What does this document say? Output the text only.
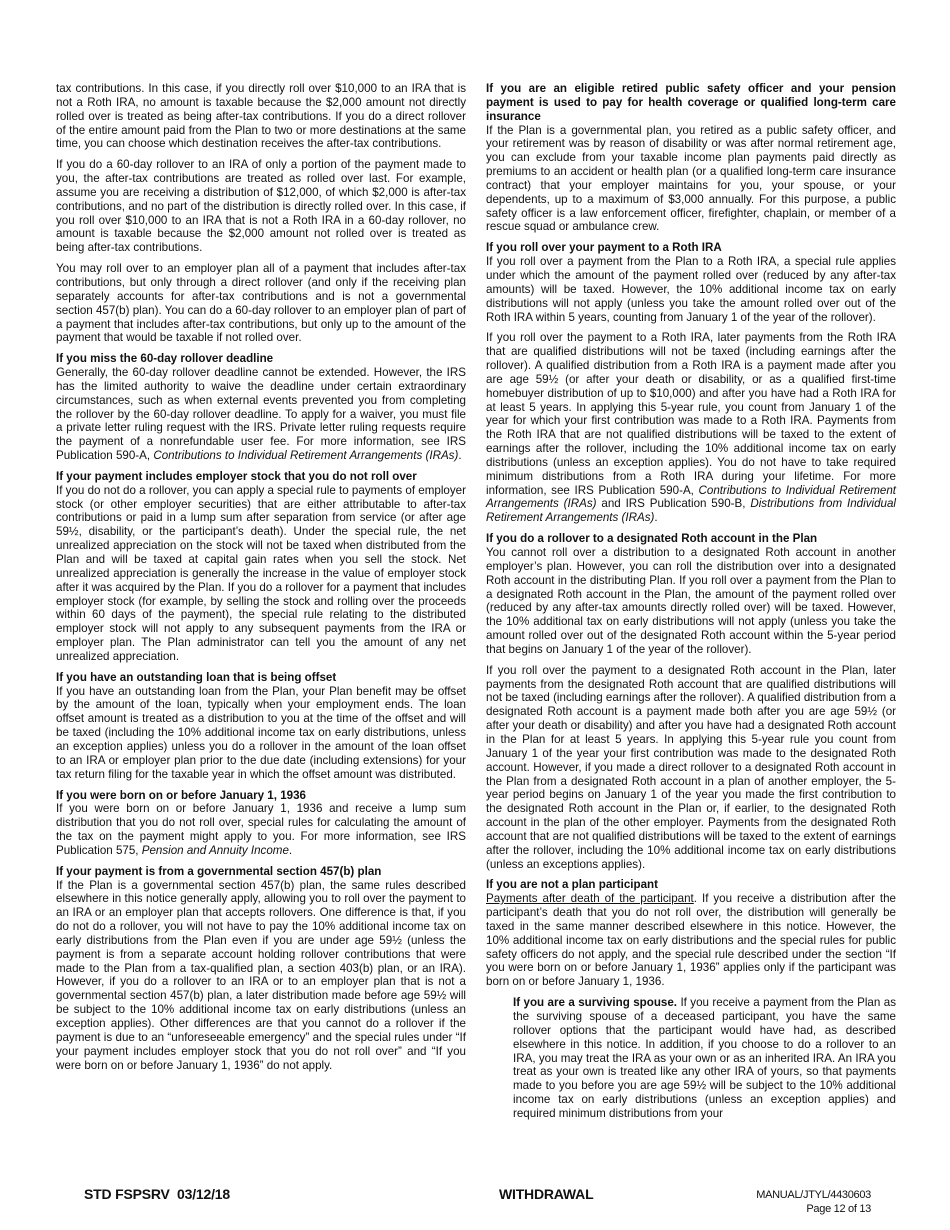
tax contributions. In this case, if you directly roll over $10,000 to an IRA that is not a Roth IRA, no amount is taxable because the $2,000 amount not directly rolled over is treated as being after-tax contributions. If you do a direct rollover of the entire amount paid from the Plan to two or more destinations at the same time, you can choose which destination receives the after-tax contributions.

If you do a 60-day rollover to an IRA of only a portion of the payment made to you, the after-tax contributions are treated as rolled over last. For example, assume you are receiving a distribution of $12,000, of which $2,000 is after-tax contributions, and no part of the distribution is directly rolled over. In this case, if you roll over $10,000 to an IRA that is not a Roth IRA in a 60-day rollover, no amount is taxable because the $2,000 amount not rolled over is treated as being after-tax contributions.

You may roll over to an employer plan all of a payment that includes after-tax contributions, but only through a direct rollover (and only if the receiving plan separately accounts for after-tax contributions and is not a governmental section 457(b) plan). You can do a 60-day rollover to an employer plan of part of a payment that includes after-tax contributions, but only up to the amount of the payment that would be taxable if not rolled over.

If you miss the 60-day rollover deadline
Generally, the 60-day rollover deadline cannot be extended. However, the IRS has the limited authority to waive the deadline under certain extraordinary circumstances, such as when external events prevented you from completing the rollover by the 60-day rollover deadline. To apply for a waiver, you must file a private letter ruling request with the IRS. Private letter ruling requests require the payment of a nonrefundable user fee. For more information, see IRS Publication 590-A, Contributions to Individual Retirement Arrangements (IRAs).

If your payment includes employer stock that you do not roll over
If you do not do a rollover, you can apply a special rule to payments of employer stock (or other employer securities) that are either attributable to after-tax contributions or paid in a lump sum after separation from service (or after age 59½, disability, or the participant’s death). Under the special rule, the net unrealized appreciation on the stock will not be taxed when distributed from the Plan and will be taxed at capital gain rates when you sell the stock. Net unrealized appreciation is generally the increase in the value of employer stock after it was acquired by the Plan. If you do a rollover for a payment that includes employer stock (for example, by selling the stock and rolling over the proceeds within 60 days of the payment), the special rule relating to the distributed employer stock will not apply to any subsequent payments from the IRA or employer plan. The Plan administrator can tell you the amount of any net unrealized appreciation.

If you have an outstanding loan that is being offset
If you have an outstanding loan from the Plan, your Plan benefit may be offset by the amount of the loan, typically when your employment ends. The loan offset amount is treated as a distribution to you at the time of the offset and will be taxed (including the 10% additional income tax on early distributions, unless an exception applies) unless you do a rollover in the amount of the loan offset to an IRA or employer plan prior to the due date (including extensions) for your tax return filing for the taxable year in which the offset amount was distributed.

If you were born on or before January 1, 1936
If you were born on or before January 1, 1936 and receive a lump sum distribution that you do not roll over, special rules for calculating the amount of the tax on the payment might apply to you. For more information, see IRS Publication 575, Pension and Annuity Income.

If your payment is from a governmental section 457(b) plan
If the Plan is a governmental section 457(b) plan, the same rules described elsewhere in this notice generally apply, allowing you to roll over the payment to an IRA or an employer plan that accepts rollovers. One difference is that, if you do not do a rollover, you will not have to pay the 10% additional income tax on early distributions from the Plan even if you are under age 59½ (unless the payment is from a separate account holding rollover contributions that were made to the Plan from a tax-qualified plan, a section 403(b) plan, or an IRA). However, if you do a rollover to an IRA or to an employer plan that is not a governmental section 457(b) plan, a later distribution made before age 59½ will be subject to the 10% additional income tax on early distributions (unless an exception applies). Other differences are that you cannot do a rollover if the payment is due to an “unforeseeable emergency” and the special rules under “If your payment includes employer stock that you do not roll over” and “If you were born on or before January 1, 1936” do not apply.

If you are an eligible retired public safety officer and your pension payment is used to pay for health coverage or qualified long-term care insurance
If the Plan is a governmental plan, you retired as a public safety officer, and your retirement was by reason of disability or was after normal retirement age, you can exclude from your taxable income plan payments paid directly as premiums to an accident or health plan (or a qualified long-term care insurance contract) that your employer maintains for you, your spouse, or your dependents, up to a maximum of $3,000 annually. For this purpose, a public safety officer is a law enforcement officer, firefighter, chaplain, or member of a rescue squad or ambulance crew.

If you roll over your payment to a Roth IRA
If you roll over a payment from the Plan to a Roth IRA, a special rule applies under which the amount of the payment rolled over (reduced by any after-tax amounts) will be taxed. However, the 10% additional income tax on early distributions will not apply (unless you take the amount rolled over out of the Roth IRA within 5 years, counting from January 1 of the year of the rollover).

If you roll over the payment to a Roth IRA, later payments from the Roth IRA that are qualified distributions will not be taxed (including earnings after the rollover). A qualified distribution from a Roth IRA is a payment made after you are age 59½ (or after your death or disability, or as a qualified first-time homebuyer distribution of up to $10,000) and after you have had a Roth IRA for at least 5 years. In applying this 5-year rule, you count from January 1 of the year for which your first contribution was made to a Roth IRA. Payments from the Roth IRA that are not qualified distributions will be taxed to the extent of earnings after the rollover, including the 10% additional income tax on early distributions (unless an exception applies). You do not have to take required minimum distributions from a Roth IRA during your lifetime. For more information, see IRS Publication 590-A, Contributions to Individual Retirement Arrangements (IRAs) and IRS Publication 590-B, Distributions from Individual Retirement Arrangements (IRAs).

If you do a rollover to a designated Roth account in the Plan
You cannot roll over a distribution to a designated Roth account in another employer’s plan. However, you can roll the distribution over into a designated Roth account in the distributing Plan. If you roll over a payment from the Plan to a designated Roth account in the Plan, the amount of the payment rolled over (reduced by any after-tax amounts directly rolled over) will be taxed. However, the 10% additional tax on early distributions will not apply (unless you take the amount rolled over out of the designated Roth account within the 5-year period that begins on January 1 of the year of the rollover).

If you roll over the payment to a designated Roth account in the Plan, later payments from the designated Roth account that are qualified distributions will not be taxed (including earnings after the rollover). A qualified distribution from a designated Roth account is a payment made both after you are age 59½ (or after your death or disability) and after you have had a designated Roth account in the Plan for at least 5 years. In applying this 5-year rule you count from January 1 of the year your first contribution was made to the designated Roth account. However, if you made a direct rollover to a designated Roth account in the Plan from a designated Roth account in a plan of another employer, the 5-year period begins on January 1 of the year you made the first contribution to the designated Roth account in the Plan or, if earlier, to the designated Roth account in the plan of the other employer. Payments from the designated Roth account that are not qualified distributions will be taxed to the extent of earnings after the rollover, including the 10% additional income tax on early distributions (unless an exceptions applies).

If you are not a plan participant
Payments after death of the participant. If you receive a distribution after the participant’s death that you do not roll over, the distribution will generally be taxed in the same manner described elsewhere in this notice. However, the 10% additional income tax on early distributions and the special rules for public safety officers do not apply, and the special rule described under the section “If you were born on or before January 1, 1936” applies only if the participant was born on or before January 1, 1936.

If you are a surviving spouse. If you receive a payment from the Plan as the surviving spouse of a deceased participant, you have the same rollover options that the participant would have had, as described elsewhere in this notice. In addition, if you choose to do a rollover to an IRA, you may treat the IRA as your own or as an inherited IRA. An IRA you treat as your own is treated like any other IRA of yours, so that payments made to you before you are age 59½ will be subject to the 10% additional income tax on early distributions (unless an exception applies) and required minimum distributions from your

STD FSPSRV  03/12/18	WITHDRAWAL	MANUAL/JTYL/4430603
Page 12 of 13
